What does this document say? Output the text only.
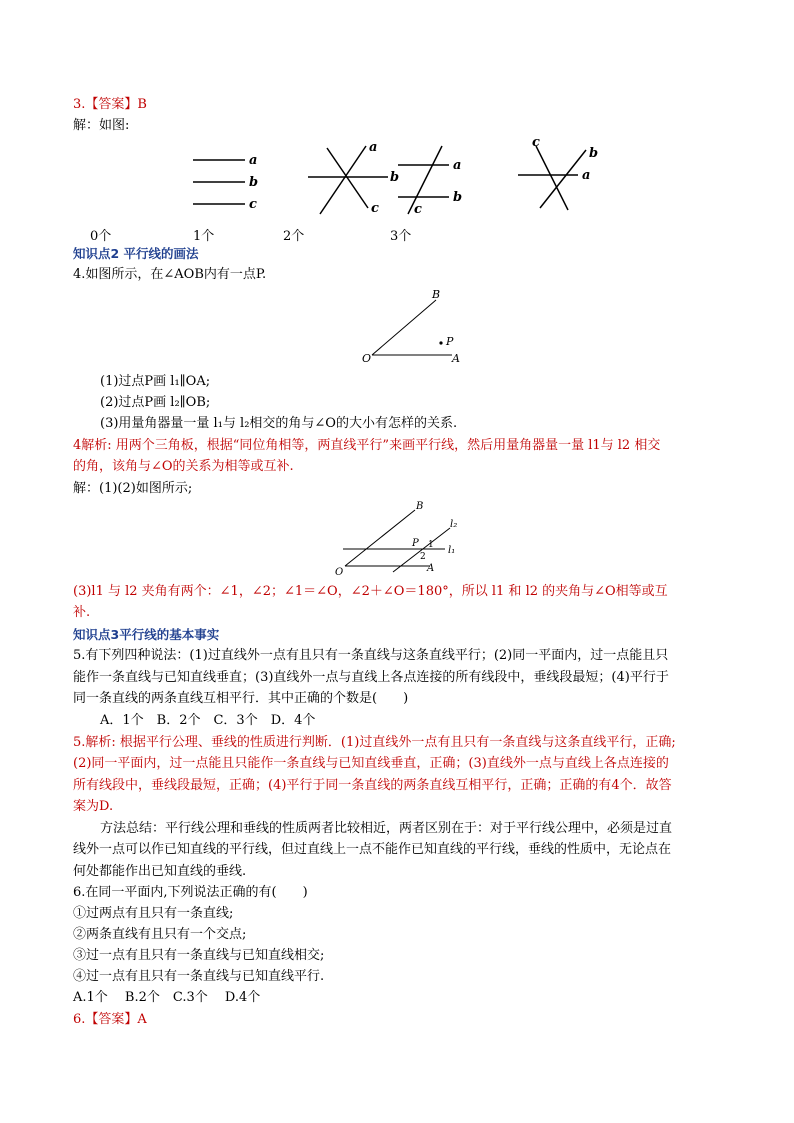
3.【答案】B
解：如图:
a
b
c
a
b
c
a
b
c
c
b
a
0个	1个	2个	3个
知识点2 平行线的画法
4.如图所示，在∠AOB内有一点P.
B
P
O	A
(1)过点P画 l₁∥OA;
(2)过点P画 l₂∥OB;
(3)用量角器量一量 l₁与 l₂相交的角与∠O的大小有怎样的关系.
4解析: 用两个三角板，根据“同位角相等，两直线平行”来画平行线，然后用量角器量一量 l1与 l2 相交
的角，该角与∠O的关系为相等或互补.
解：(1)(2)如图所示;
B
l₂
P 1
2
l₁
O	A
(3)l1 与 l2 夹角有两个：∠1，∠2；∠1＝∠O，∠2＋∠O＝180°，所以 l1 和 l2 的夹角与∠O相等或互
补.
知识点3平行线的基本事实
5.有下列四种说法：(1)过直线外一点有且只有一条直线与这条直线平行；(2)同一平面内，过一点能且只
能作一条直线与已知直线垂直；(3)直线外一点与直线上各点连接的所有线段中，垂线段最短；(4)平行于
同一条直线的两条直线互相平行．其中正确的个数是(　　)
A．1个　B．2个　C．3个　D．4个
5.解析: 根据平行公理、垂线的性质进行判断．(1)过直线外一点有且只有一条直线与这条直线平行，正确;
(2)同一平面内，过一点能且只能作一条直线与已知直线垂直，正确；(3)直线外一点与直线上各点连接的
所有线段中，垂线段最短，正确；(4)平行于同一条直线的两条直线互相平行，正确；正确的有4个．故答
案为D.
方法总结：平行线公理和垂线的性质两者比较相近，两者区别在于：对于平行线公理中，必须是过直
线外一点可以作已知直线的平行线，但过直线上一点不能作已知直线的平行线，垂线的性质中，无论点在
何处都能作出已知直线的垂线.
6.在同一平面内,下列说法正确的有(　　)
①过两点有且只有一条直线;
②两条直线有且只有一个交点;
③过一点有且只有一条直线与已知直线相交;
④过一点有且只有一条直线与已知直线平行.
A.1个　 B.2个　C.3个　 D.4个
6.【答案】A
